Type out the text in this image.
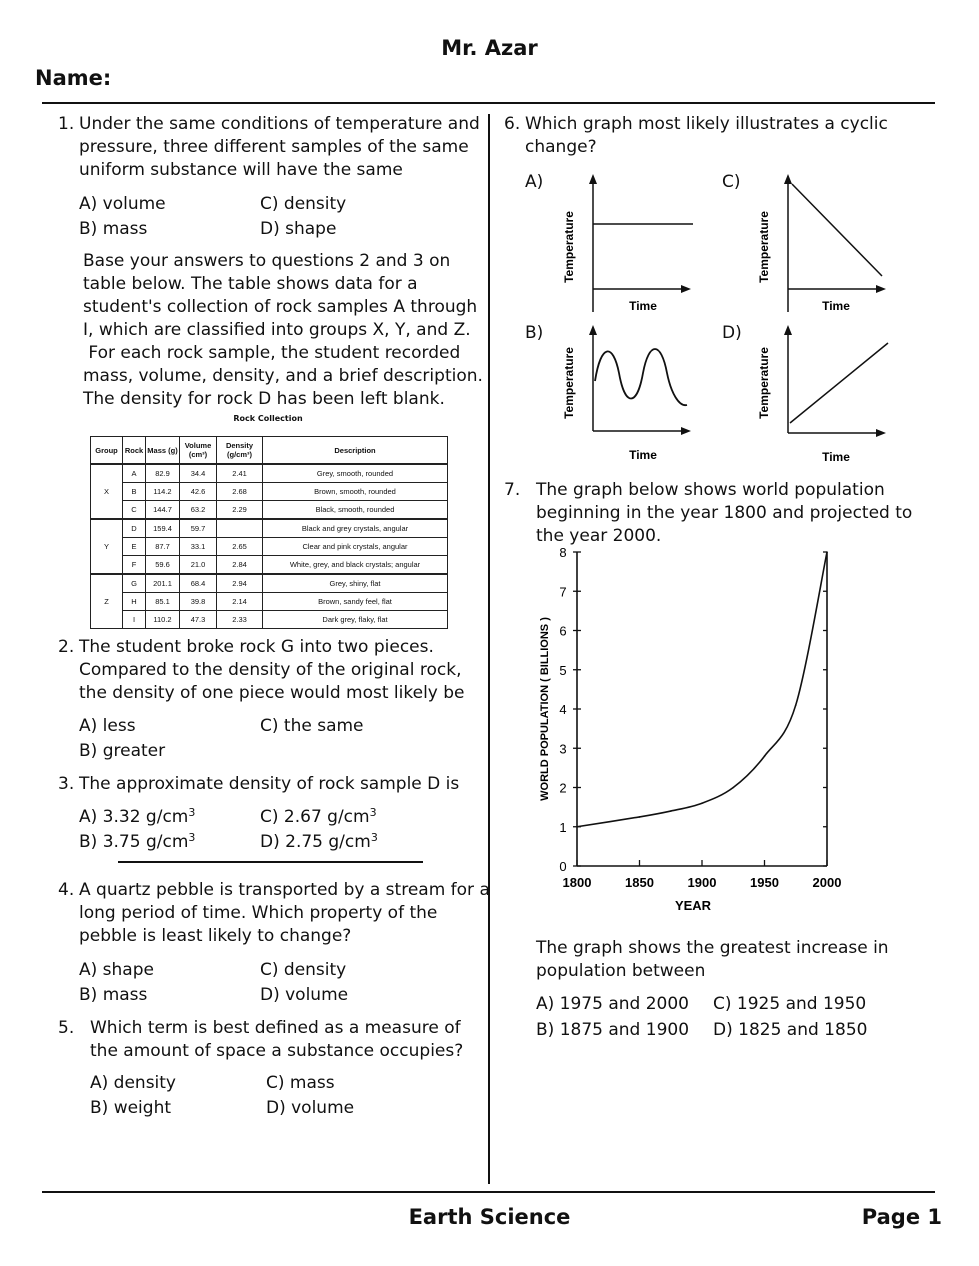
Mr. Azar
Name:
1. Under the same conditions of temperature and
pressure, three different samples of the same
uniform substance will have the same
A) volume
B) mass
C) density
D) shape
Base your answers to questions 2 and 3 on
table below. The table shows data for a
student's collection of rock samples A through
I, which are classified into groups X, Y, and Z.
For each rock sample, the student recorded
mass, volume, density, and a brief description.
The density for rock D has been left blank.
Rock Collection
Group	Rock	Mass (g)	Volume (cm³)	Density (g/cm³)	Description
X	A	82.9	34.4	2.41	Grey, smooth, rounded
	B	114.2	42.6	2.68	Brown, smooth, rounded
	C	144.7	63.2	2.29	Black, smooth, rounded
Y	D	159.4	59.7		Black and grey crystals, angular
	E	87.7	33.1	2.65	Clear and pink crystals, angular
	F	59.6	21.0	2.84	White, grey, and black crystals; angular
Z	G	201.1	68.4	2.94	Grey, shiny, flat
	H	85.1	39.8	2.14	Brown, sandy feel, flat
	I	110.2	47.3	2.33	Dark grey, flaky, flat
2. The student broke rock G into two pieces.
Compared to the density of the original rock,
the density of one piece would most likely be
A) less
B) greater
C) the same
3. The approximate density of rock sample D is
A) 3.32 $g/cm^3$
B) 3.75 $g/cm^3$
C) 2.67 $g/cm^3$
D) 2.75 $g/cm^3$
4. A quartz pebble is transported by a stream for a
long period of time. Which property of the
pebble is least likely to change?
A) shape
B) mass
C) density
D) volume
5. Which term is best defined as a measure of
the amount of space a substance occupies?
A) density
B) weight
C) mass
D) volume
6. Which graph most likely illustrates a cyclic
change?
A)	C)
B)	D)
Temperature
Time
Temperature
Time
Temperature
Time
Temperature
Time
7. The graph below shows world population
beginning in the year 1800 and projected to
the year 2000.
0
1
2
3
4
5
6
7
8
1800	1850	1900	1950	2000
WORLD POPULATION ( BILLIONS )
YEAR
The graph shows the greatest increase in
population between
A) 1975 and 2000
B) 1875 and 1900
C) 1925 and 1950
D) 1825 and 1850
Earth Science	Page 1
